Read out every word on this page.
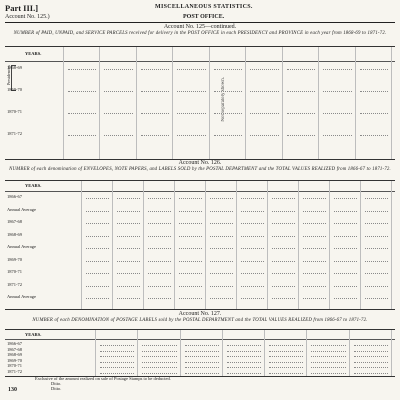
Part III.]	MISCELLANEOUS STATISTICS.
Account No. 125.)	POST OFFICE.
Account No. 125—continued.
NUMBER of PAID, UNPAID, and SERVICE PARCELS received for delivery in the POST OFFICE in each PRESIDENCY and PROVINCE in each year from 1868-69 to 1871-72.
YEARS.
Presidencies
Not separately shown.
1868-69
1869-70
1870-71
1871-72
Account No. 126.
NUMBER of each denomination of ENVELOPES, NOTE PAPERS, and LABELS SOLD by the POSTAL DEPARTMENT and the TOTAL VALUES REALIZED from 1866-67 to 1871-72.
YEARS.
1866-67
Annual Average
1867-68
1868-69
Annual Average
1869-70
1870-71
1871-72
Annual Average
Account No. 127.
NUMBER of each DENOMINATION of POSTAGE LABELS sold by the POSTAL DEPARTMENT and the TOTAL VALUES REALIZED from 1866-67 to 1871-72.
YEARS.
1866-67
1867-68
1868-69
1869-70
1870-71
1871-72
Exclusive of the amount realized on sale of Postage Stamps to be deducted.
Ditto.
Ditto.
130
